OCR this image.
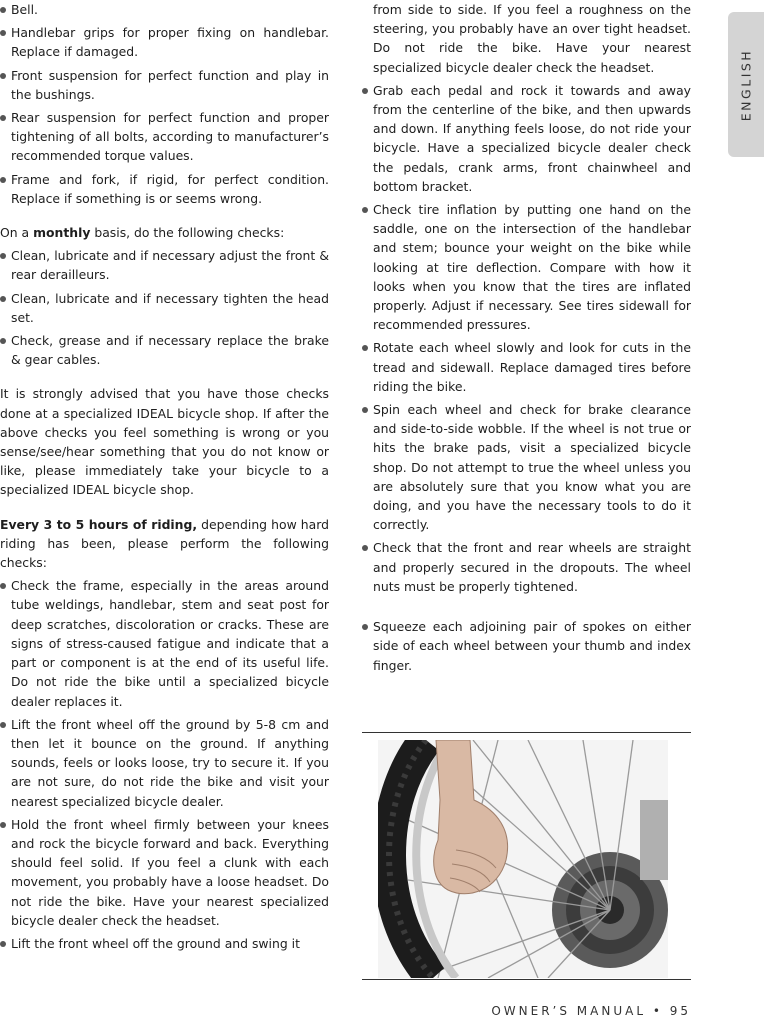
Bell.
Handlebar grips for proper fixing on handlebar. Replace if damaged.
Front suspension for perfect function and play in the bushings.
Rear suspension for perfect function and proper tightening of all bolts, according to manufacturer’s recommended torque values.
Frame and fork, if rigid, for perfect condition. Replace if something is or seems wrong.

On a monthly basis, do the following checks:

Clean, lubricate and if necessary adjust the front & rear derailleurs.
Clean, lubricate and if necessary tighten the head set.
Check, grease and if necessary replace the brake & gear cables.

It is strongly advised that you have those checks done at a specialized IDEAL bicycle shop. If after the above checks you feel something is wrong or you sense/see/hear something that you do not know or like, please immediately take your bicycle to a specialized IDEAL bicycle shop.

Every 3 to 5 hours of riding, depending how hard riding has been, please perform the following checks:

Check the frame, especially in the areas around tube weldings, handlebar, stem and seat post for deep scratches, discoloration or cracks. These are signs of stress-caused fatigue and indicate that a part or component is at the end of its useful life. Do not ride the bike until a specialized bicycle dealer replaces it.
Lift the front wheel off the ground by 5-8 cm and then let it bounce on the ground. If anything sounds, feels or looks loose, try to secure it. If you are not sure, do not ride the bike and visit your nearest specialized bicycle dealer.
Hold the front wheel firmly between your knees and rock the bicycle forward and back. Everything should feel solid. If you feel a clunk with each movement, you probably have a loose headset. Do not ride the bike. Have your nearest specialized bicycle dealer check the headset.
Lift the front wheel off the ground and swing it

from side to side. If you feel a roughness on the steering, you probably have an over tight headset. Do not ride the bike. Have your nearest specialized bicycle dealer check the headset.

Grab each pedal and rock it towards and away from the centerline of the bike, and then upwards and down. If anything feels loose, do not ride your bicycle. Have a specialized bicycle dealer check the pedals, crank arms, front chainwheel and bottom bracket.
Check tire inflation by putting one hand on the saddle, one on the intersection of the handlebar and stem; bounce your weight on the bike while looking at tire deflection. Compare with how it looks when you know that the tires are inflated properly. Adjust if necessary. See tires sidewall for recommended pressures.
Rotate each wheel slowly and look for cuts in the tread and sidewall. Replace damaged tires before riding the bike.
Spin each wheel and check for brake clearance and side-to-side wobble. If the wheel is not true or hits the brake pads, visit a specialized bicycle shop. Do not attempt to true the wheel unless you are absolutely sure that you know what you are doing, and you have the necessary tools to do it correctly.
Check that the front and rear wheels are straight and properly secured in the dropouts. The wheel nuts must be properly tightened.
Squeeze each adjoining pair of spokes on either side of each wheel between your thumb and index finger.
ENGLISH
OWNER’S MANUAL • 95
